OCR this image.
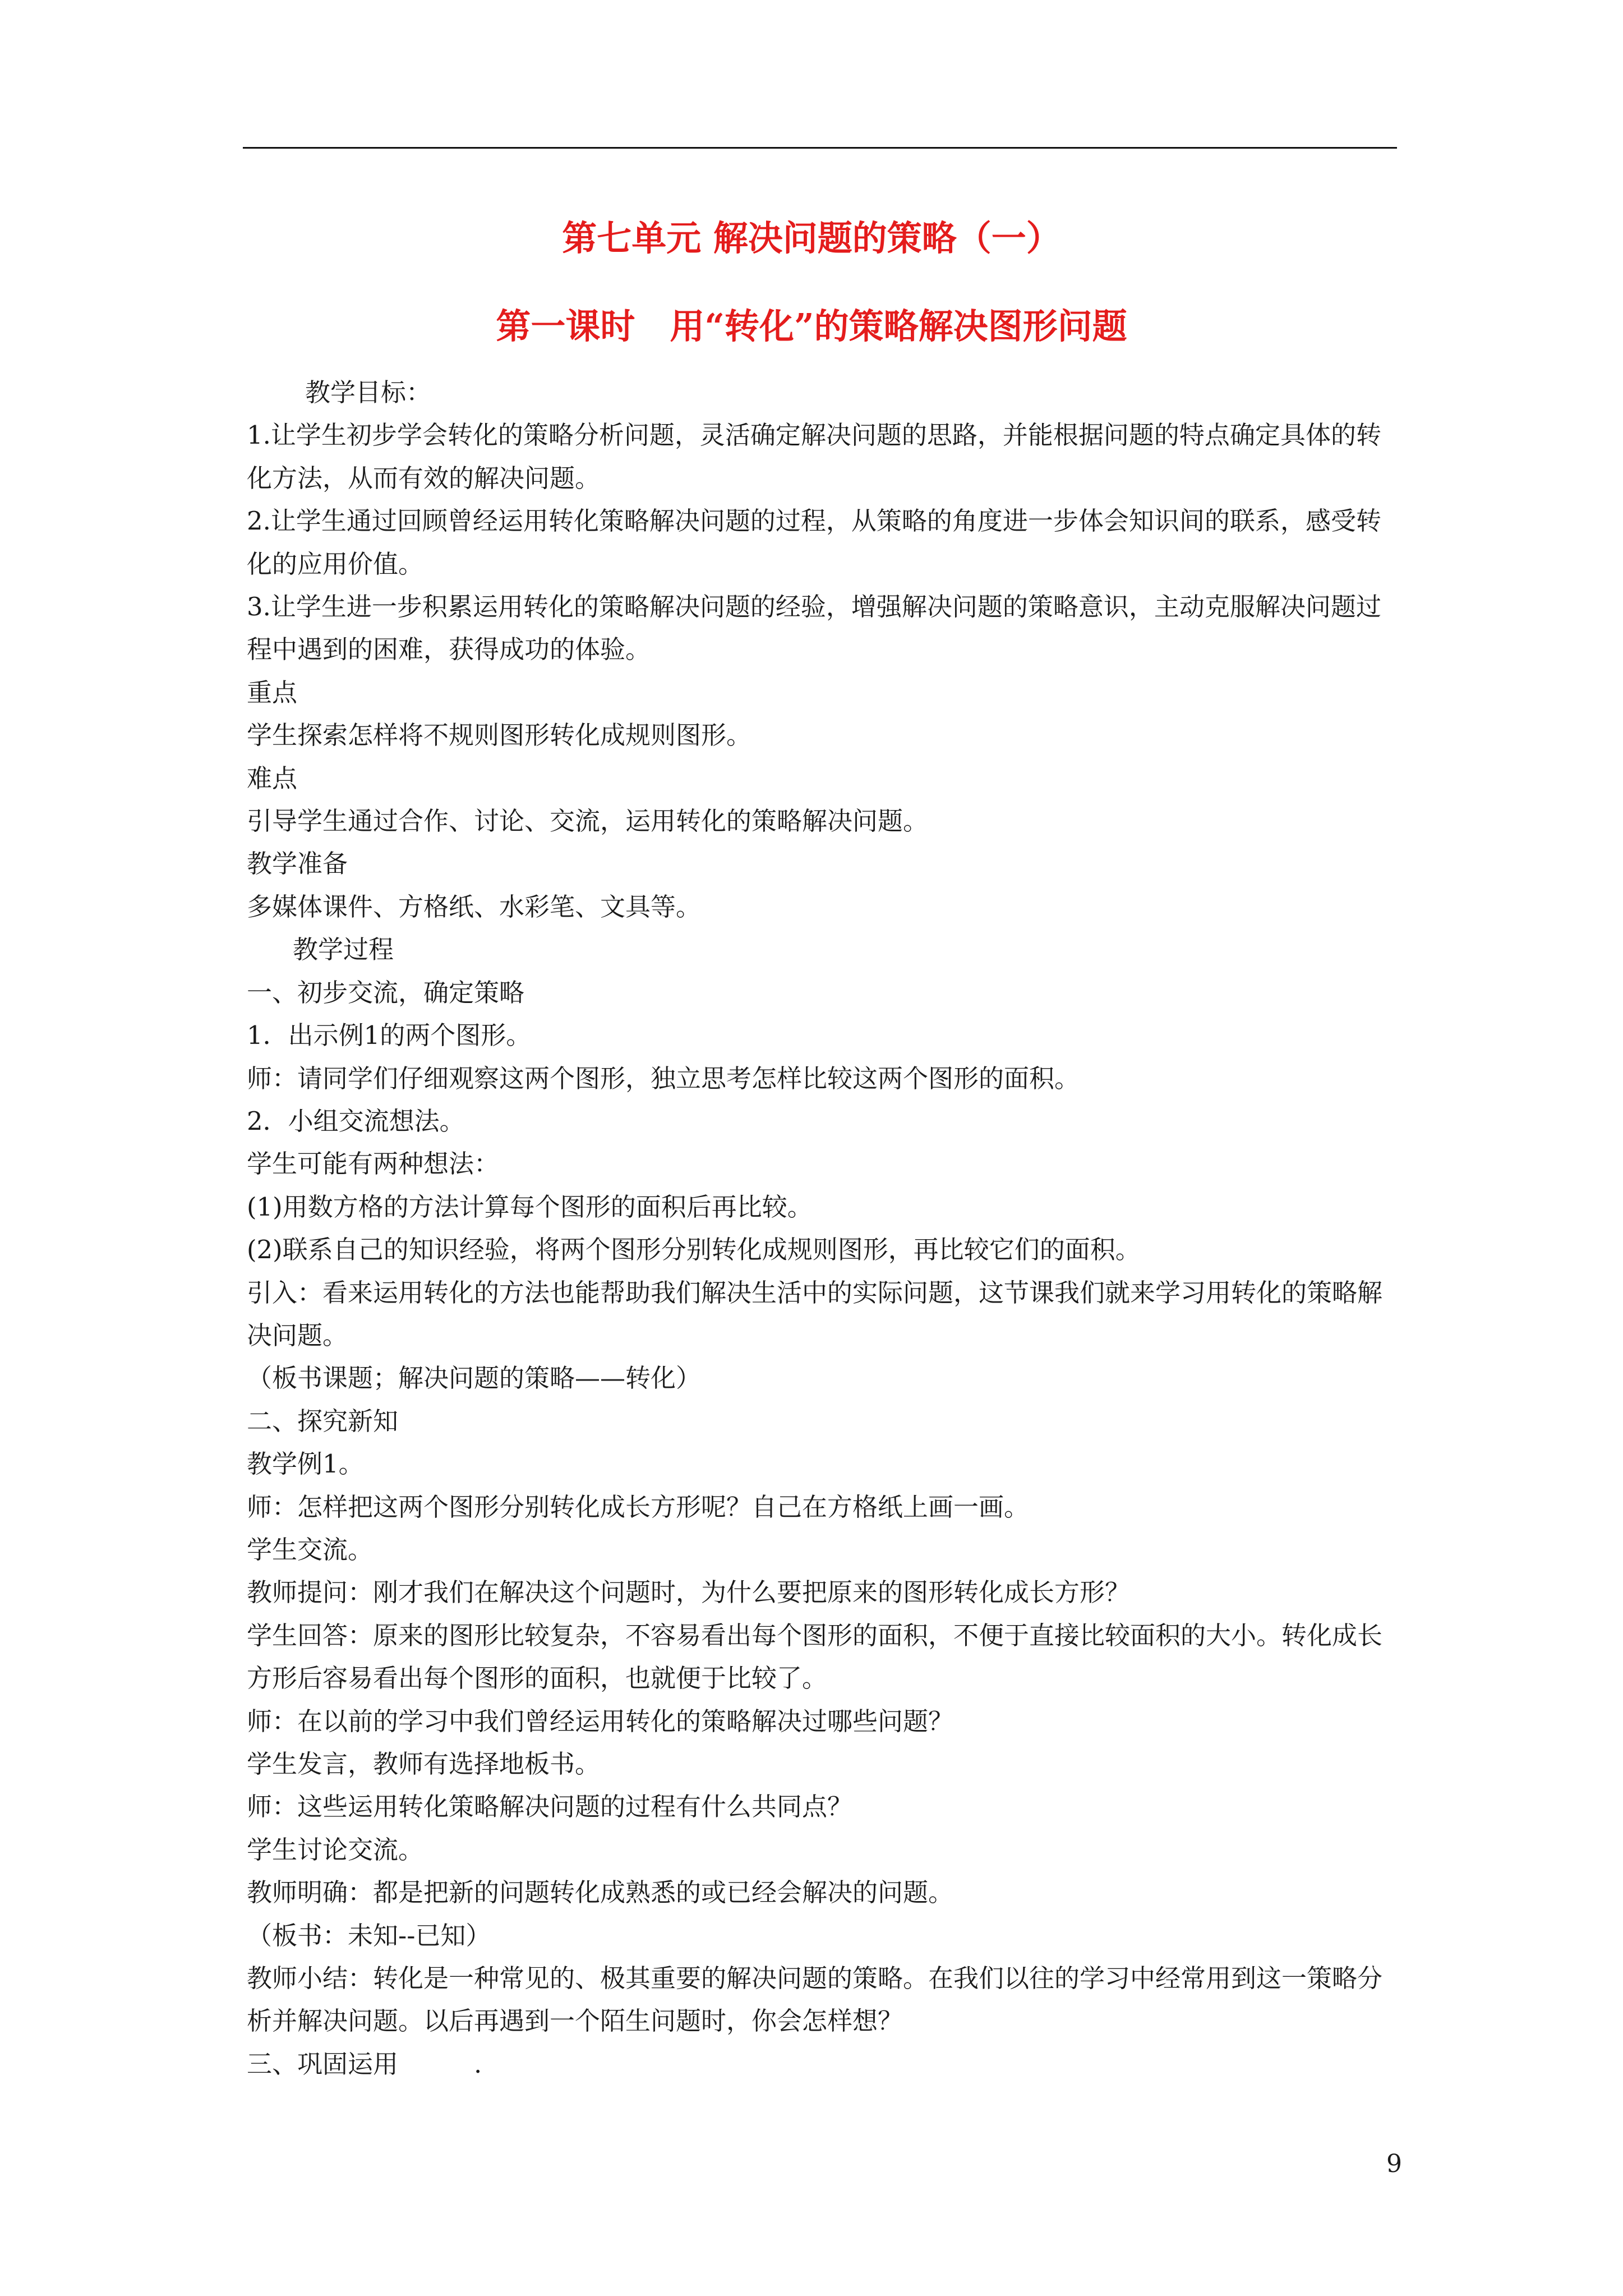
第七单元 解决问题的策略（一）
第一课时　用“转化”的策略解决图形问题

教学目标：

1.让学生初步学会转化的策略分析问题，灵活确定解决问题的思路，并能根据问题的特点确定具体的转化方法，从而有效的解决问题。

2.让学生通过回顾曾经运用转化策略解决问题的过程，从策略的角度进一步体会知识间的联系，感受转化的应用价值。

3.让学生进一步积累运用转化的策略解决问题的经验，增强解决问题的策略意识，主动克服解决问题过程中遇到的困难，获得成功的体验。

重点

学生探索怎样将不规则图形转化成规则图形。

难点

引导学生通过合作、讨论、交流，运用转化的策略解决问题。

教学准备

多媒体课件、方格纸、水彩笔、文具等。

教学过程

一、初步交流，确定策略

1．出示例1的两个图形。

师：请同学们仔细观察这两个图形，独立思考怎样比较这两个图形的面积。

2．小组交流想法。

学生可能有两种想法：

(1)用数方格的方法计算每个图形的面积后再比较。

(2)联系自己的知识经验，将两个图形分别转化成规则图形，再比较它们的面积。

引入：看来运用转化的方法也能帮助我们解决生活中的实际问题，这节课我们就来学习用转化的策略解决问题。

（板书课题；解决问题的策略——转化）

二、探究新知

教学例1。

师：怎样把这两个图形分别转化成长方形呢？自己在方格纸上画一画。

学生交流。

教师提问：刚才我们在解决这个问题时，为什么要把原来的图形转化成长方形？

学生回答：原来的图形比较复杂，不容易看出每个图形的面积，不便于直接比较面积的大小。转化成长方形后容易看出每个图形的面积，也就便于比较了。

师：在以前的学习中我们曾经运用转化的策略解决过哪些问题？

学生发言，教师有选择地板书。

师：这些运用转化策略解决问题的过程有什么共同点？

学生讨论交流。

教师明确：都是把新的问题转化成熟悉的或已经会解决的问题。

（板书：未知--已知）

教师小结：转化是一种常见的、极其重要的解决问题的策略。在我们以往的学习中经常用到这一策略分析并解决问题。以后再遇到一个陌生问题时，你会怎样想？

三、巩固运用　　　.

9
